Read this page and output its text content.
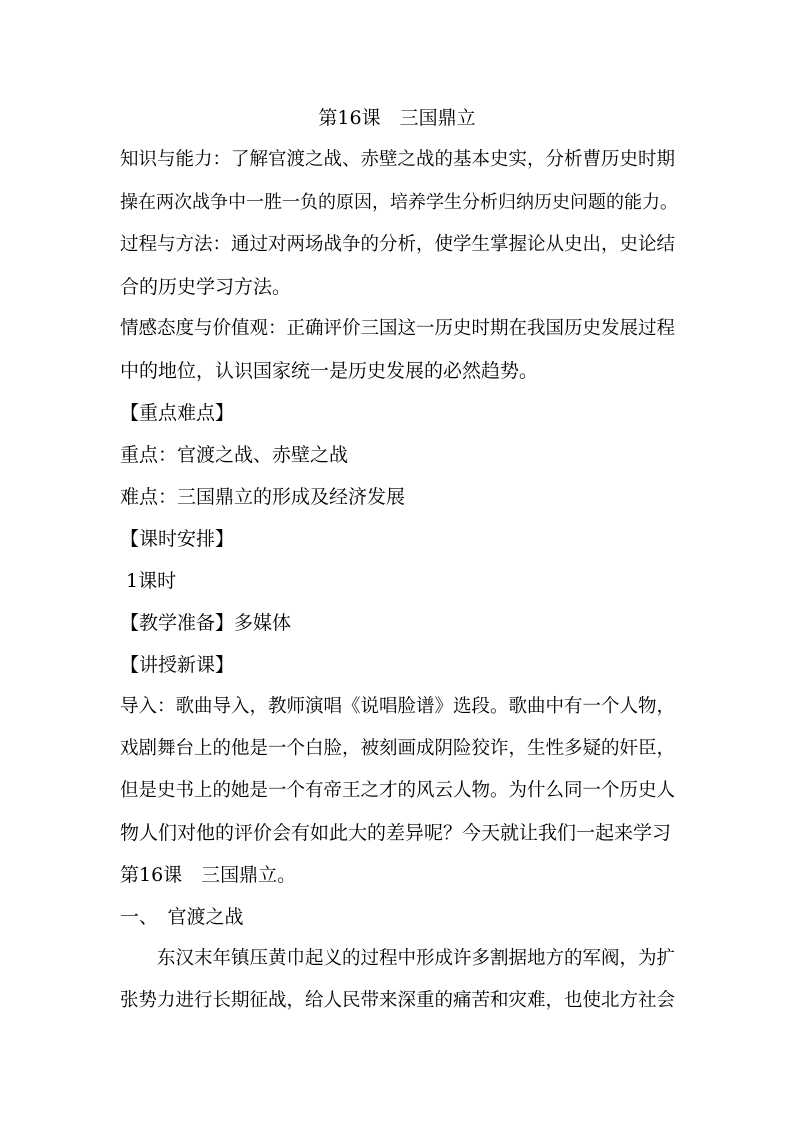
第16课　三国鼎立
知识与能力：了解官渡之战、赤壁之战的基本史实，分析曹历史时期
操在两次战争中一胜一负的原因，培养学生分析归纳历史问题的能力。
过程与方法：通过对两场战争的分析，使学生掌握论从史出，史论结
合的历史学习方法。
情感态度与价值观：正确评价三国这一历史时期在我国历史发展过程
中的地位，认识国家统一是历史发展的必然趋势。
【重点难点】
重点：官渡之战、赤壁之战
难点：三国鼎立的形成及经济发展
【课时安排】
1课时
【教学准备】多媒体
【讲授新课】
导入：歌曲导入，教师演唱《说唱脸谱》选段。歌曲中有一个人物，
戏剧舞台上的他是一个白脸，被刻画成阴险狡诈，生性多疑的奸臣，
但是史书上的她是一个有帝王之才的风云人物。为什么同一个历史人
物人们对他的评价会有如此大的差异呢？今天就让我们一起来学习
第16课　三国鼎立。
一、　官渡之战
　　东汉末年镇压黄巾起义的过程中形成许多割据地方的军阀，为扩
张势力进行长期征战，给人民带来深重的痛苦和灾难，也使北方社会
